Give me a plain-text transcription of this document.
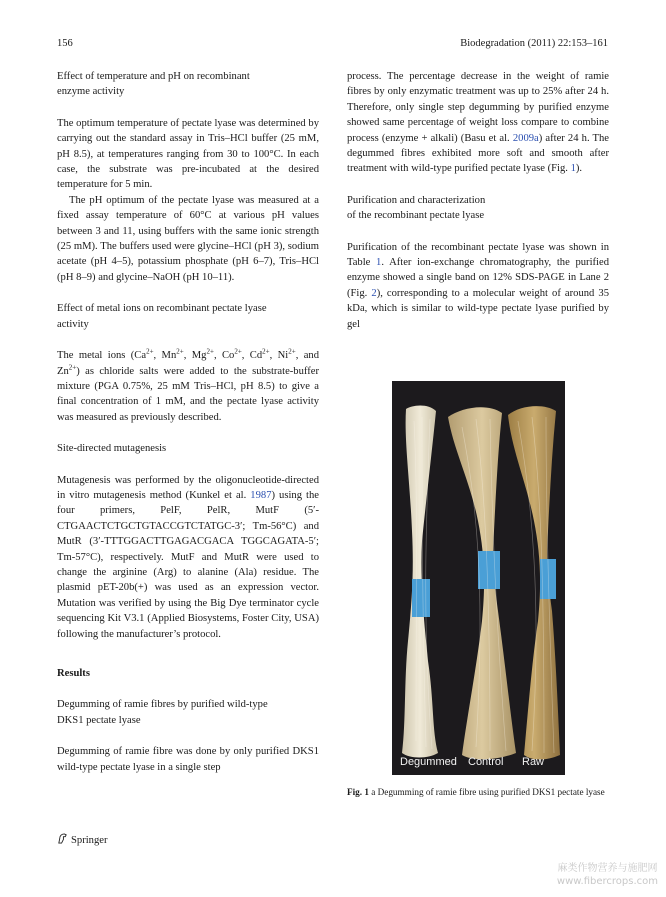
156	Biodegradation (2011) 22:153–161
Effect of temperature and pH on recombinant
enzyme activity

The optimum temperature of pectate lyase was determined by carrying out the standard assay in Tris–HCl buffer (25 mM, pH 8.5), at temperatures ranging from 30 to 100°C. In each case, the substrate was pre-incubated at the desired temperature for 5 min.

The pH optimum of the pectate lyase was measured at a fixed assay temperature of 60°C at various pH values between 3 and 11, using buffers with the same ionic strength (25 mM). The buffers used were glycine–HCl (pH 3), sodium acetate (pH 4–5), potassium phosphate (pH 6–7), Tris–HCl (pH 8–9) and glycine–NaOH (pH 10–11).

Effect of metal ions on recombinant pectate lyase
activity

The metal ions ($Ca^{2+}$, $Mn^{2+}$, $Mg^{2+}$, $Co^{2+}$, $Cd^{2+}$, $Ni^{2+}$, and $Zn^{2+}$) as chloride salts were added to the substrate-buffer mixture (PGA 0.75%, 25 mM Tris–HCl, pH 8.5) to give a final concentration of 1 mM, and the pectate lyase activity was measured as previously described.

Site-directed mutagenesis

Mutagenesis was performed by the oligonucleotide-directed in vitro mutagenesis method (Kunkel et al. 1987) using the four primers, PelF, PelR, MutF (5′-CTGAACTCTGCTGTACCGTCTATGC-3′; Tm-56°C) and MutR (3′-TTTGGACTTGAGACGACA TGGCAGATA-5′; Tm-57°C), respectively. MutF and MutR were used to change the arginine (Arg) to alanine (Ala) residue. The plasmid pET-20b(+) was used as an expression vector. Mutation was verified by using the Big Dye terminator cycle sequencing Kit V3.1 (Applied Biosystems, Foster City, USA) following the manufacturer’s protocol.

Results
Degumming of ramie fibres by purified wild-type
DKS1 pectate lyase

Degumming of ramie fibre was done by only purified DKS1 wild-type pectate lyase in a single step

process. The percentage decrease in the weight of ramie fibres by only enzymatic treatment was up to 25% after 24 h. Therefore, only single step degumming by purified enzyme showed same percentage of weight loss compare to combine process (enzyme + alkali) (Basu et al. 2009a) after 24 h. The degummed fibres exhibited more soft and smooth after treatment with wild-type purified pectate lyase (Fig. 1).

Purification and characterization
of the recombinant pectate lyase

Purification of the recombinant pectate lyase was shown in Table 1. After ion-exchange chromatography, the purified enzyme showed a single band on 12% SDS-PAGE in Lane 2 (Fig. 2), corresponding to a molecular weight of around 35 kDa, which is similar to wild-type pectate lyase purified by gel

Degummed Control Raw
Fig. 1 a Degumming of ramie fibre using purified DKS1 pectate lyase
Springer
麻类作物营养与施肥网
www.fibercrops.com
